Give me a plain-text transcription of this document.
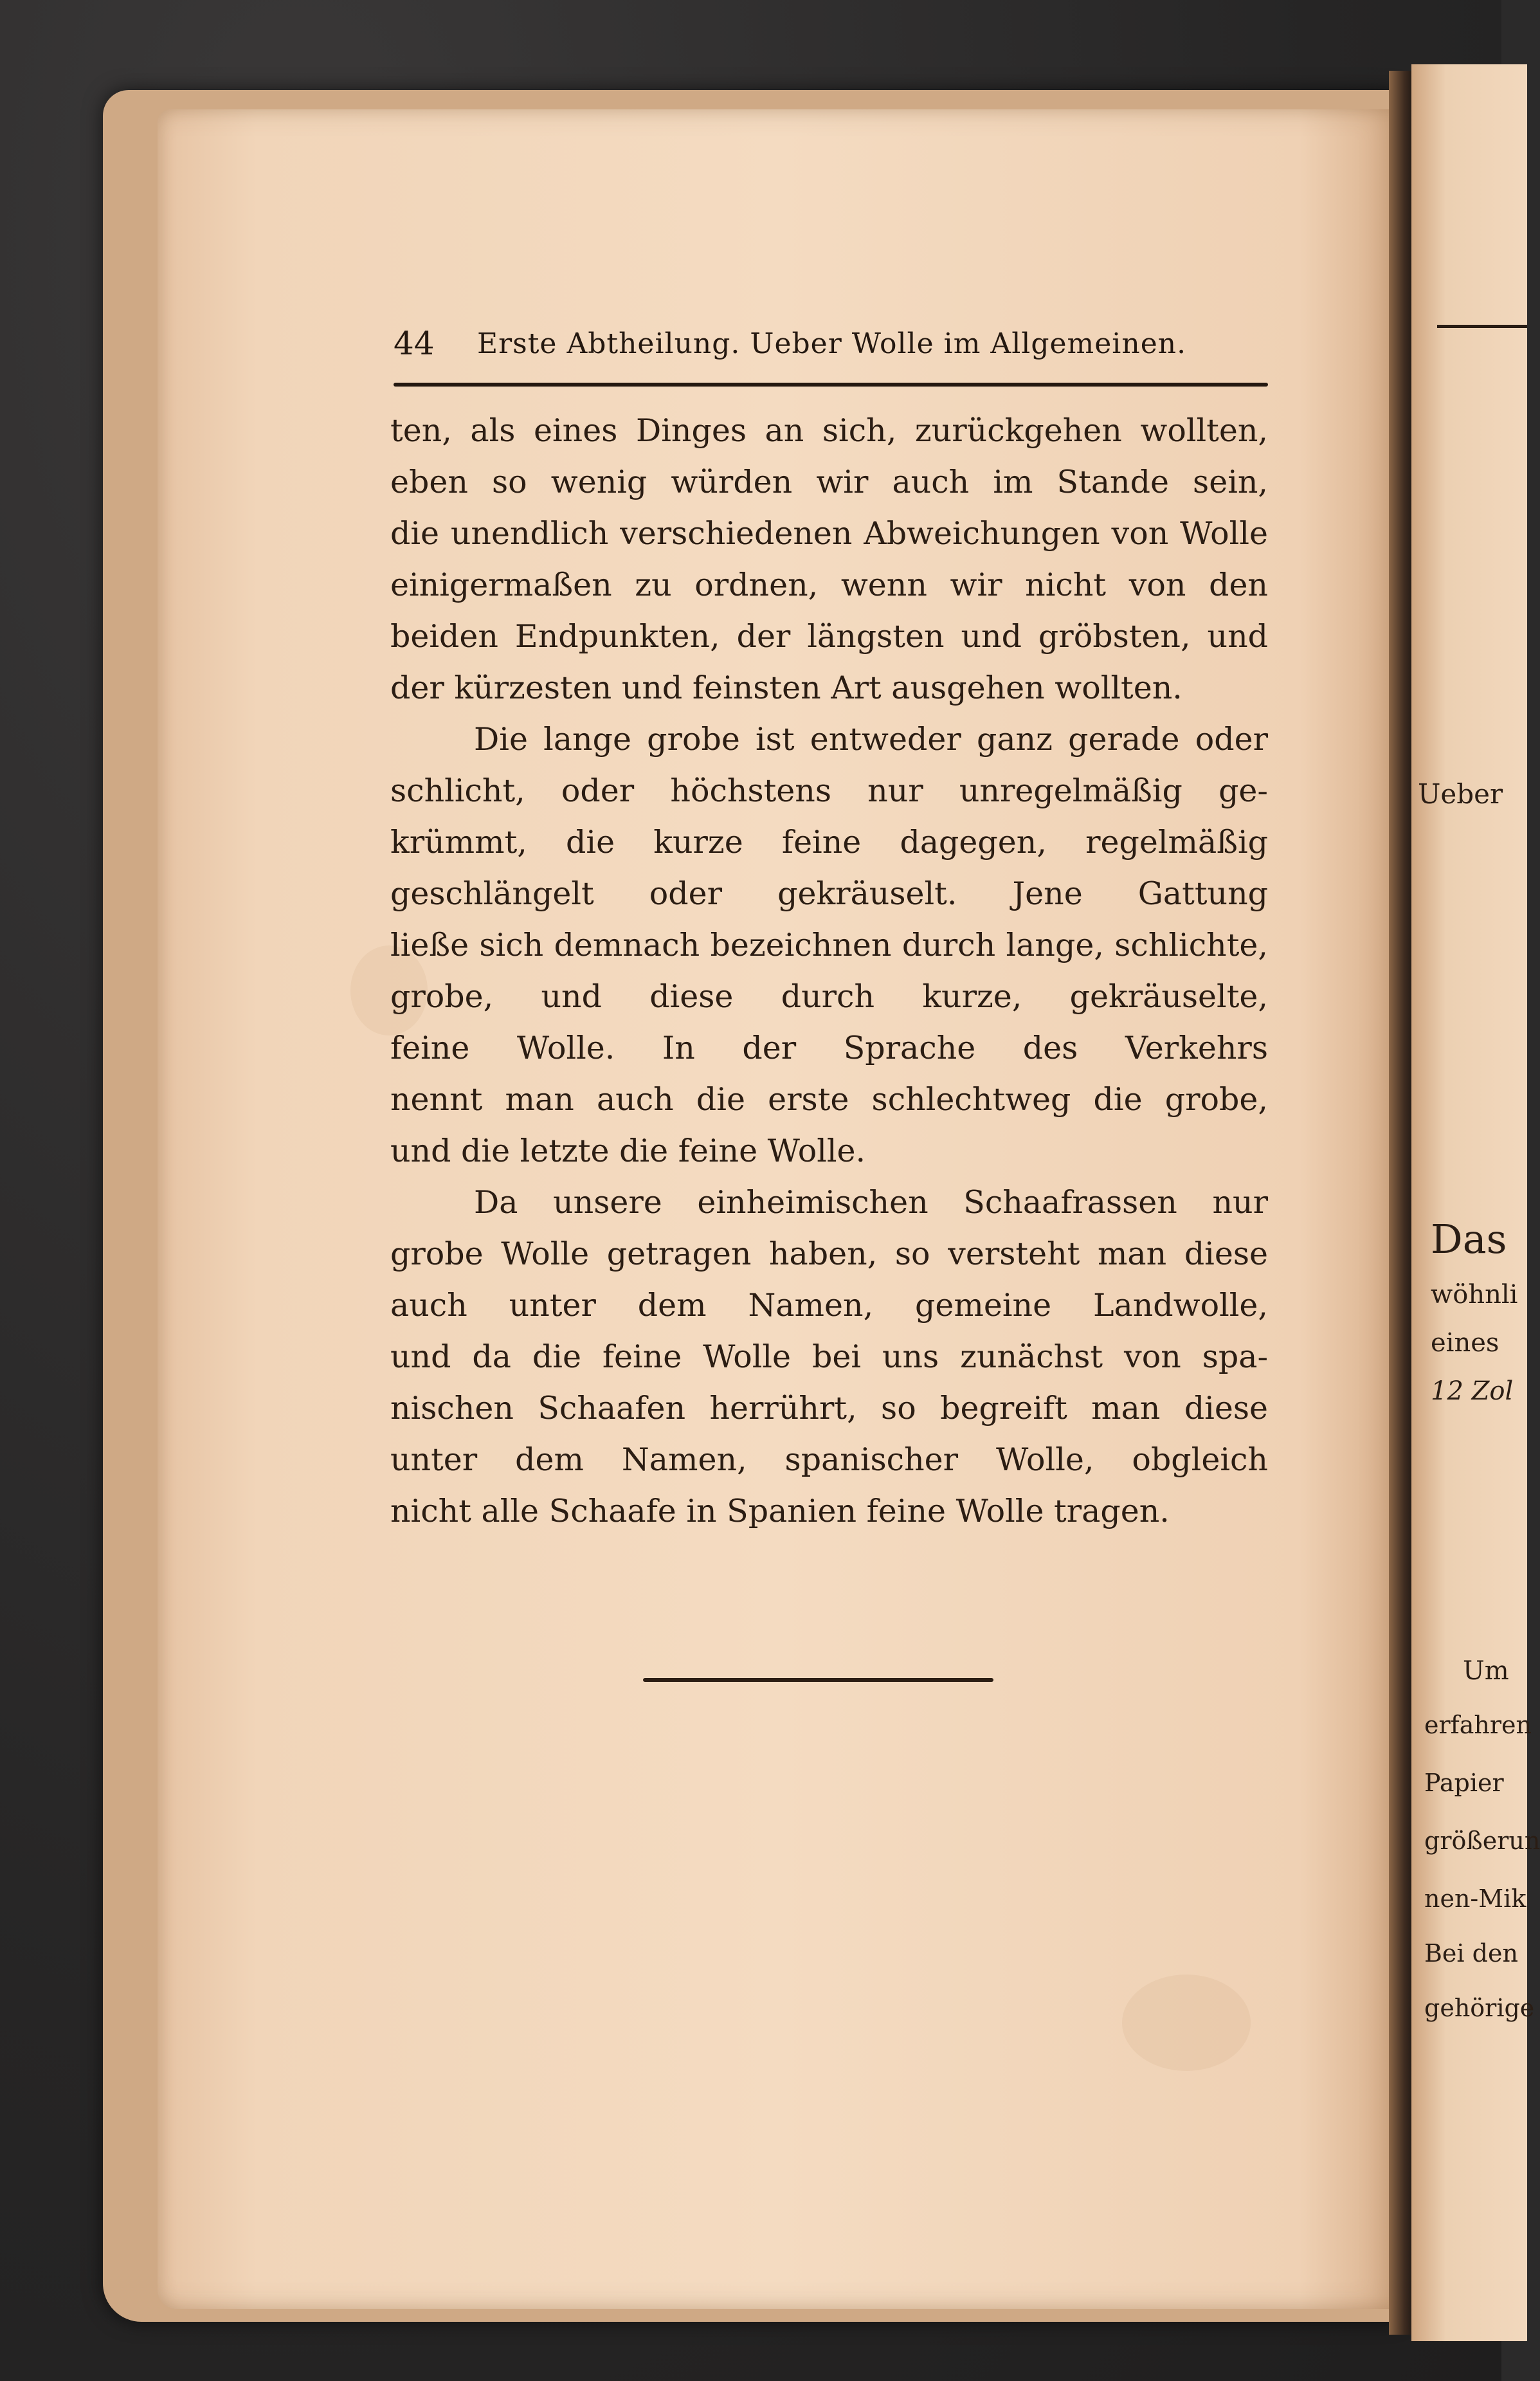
Ueber
Das
wöhnli
eines
12 Zol
Um
erfahren
Papier
größerun
nen-Mik
Bei den
gehörige
44 Erste Abtheilung. Ueber Wolle im Allgemeinen.
ten, als eines Dinges an sich, zurückgehen wollten,
eben so wenig würden wir auch im Stande sein,
die unendlich verschiedenen Abweichungen von Wolle
einigermaßen zu ordnen, wenn wir nicht von den
beiden Endpunkten, der längsten und gröbsten, und
der kürzesten und feinsten Art ausgehen wollten.
Die lange grobe ist entweder ganz gerade oder
schlicht, oder höchstens nur unregelmäßig ge-
krümmt, die kurze feine dagegen, regelmäßig
geschlängelt oder gekräuselt. Jene Gattung
ließe sich demnach bezeichnen durch lange, schlichte,
grobe, und diese durch kurze, gekräuselte,
feine Wolle. In der Sprache des Verkehrs
nennt man auch die erste schlechtweg die grobe,
und die letzte die feine Wolle.
Da unsere einheimischen Schaafrassen nur
grobe Wolle getragen haben, so versteht man diese
auch unter dem Namen, gemeine Landwolle,
und da die feine Wolle bei uns zunächst von spa-
nischen Schaafen herrührt, so begreift man diese
unter dem Namen, spanischer Wolle, obgleich
nicht alle Schaafe in Spanien feine Wolle tragen.
